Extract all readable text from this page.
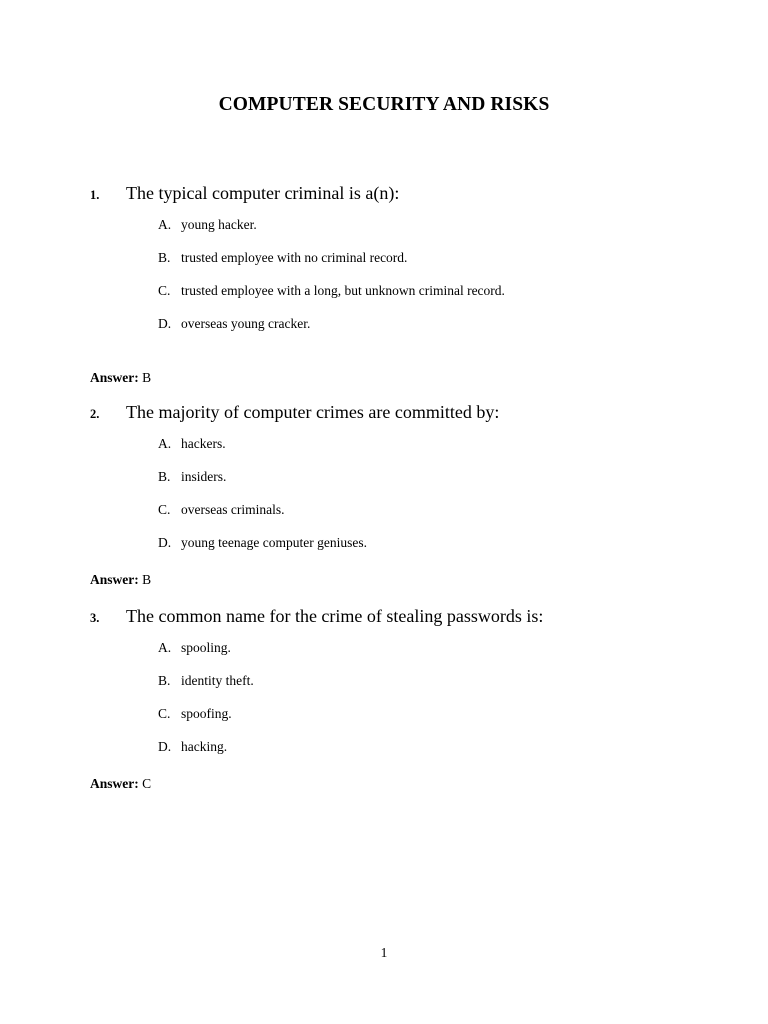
COMPUTER SECURITY AND RISKS
1. The typical computer criminal is a(n):
A. young hacker.
B. trusted employee with no criminal record.
C. trusted employee with a long, but unknown criminal record.
D. overseas young cracker.
Answer: B
2. The majority of computer crimes are committed by:
A. hackers.
B. insiders.
C. overseas criminals.
D. young teenage computer geniuses.
Answer: B
3. The common name for the crime of stealing passwords is:
A. spooling.
B. identity theft.
C. spoofing.
D. hacking.
Answer: C
1
